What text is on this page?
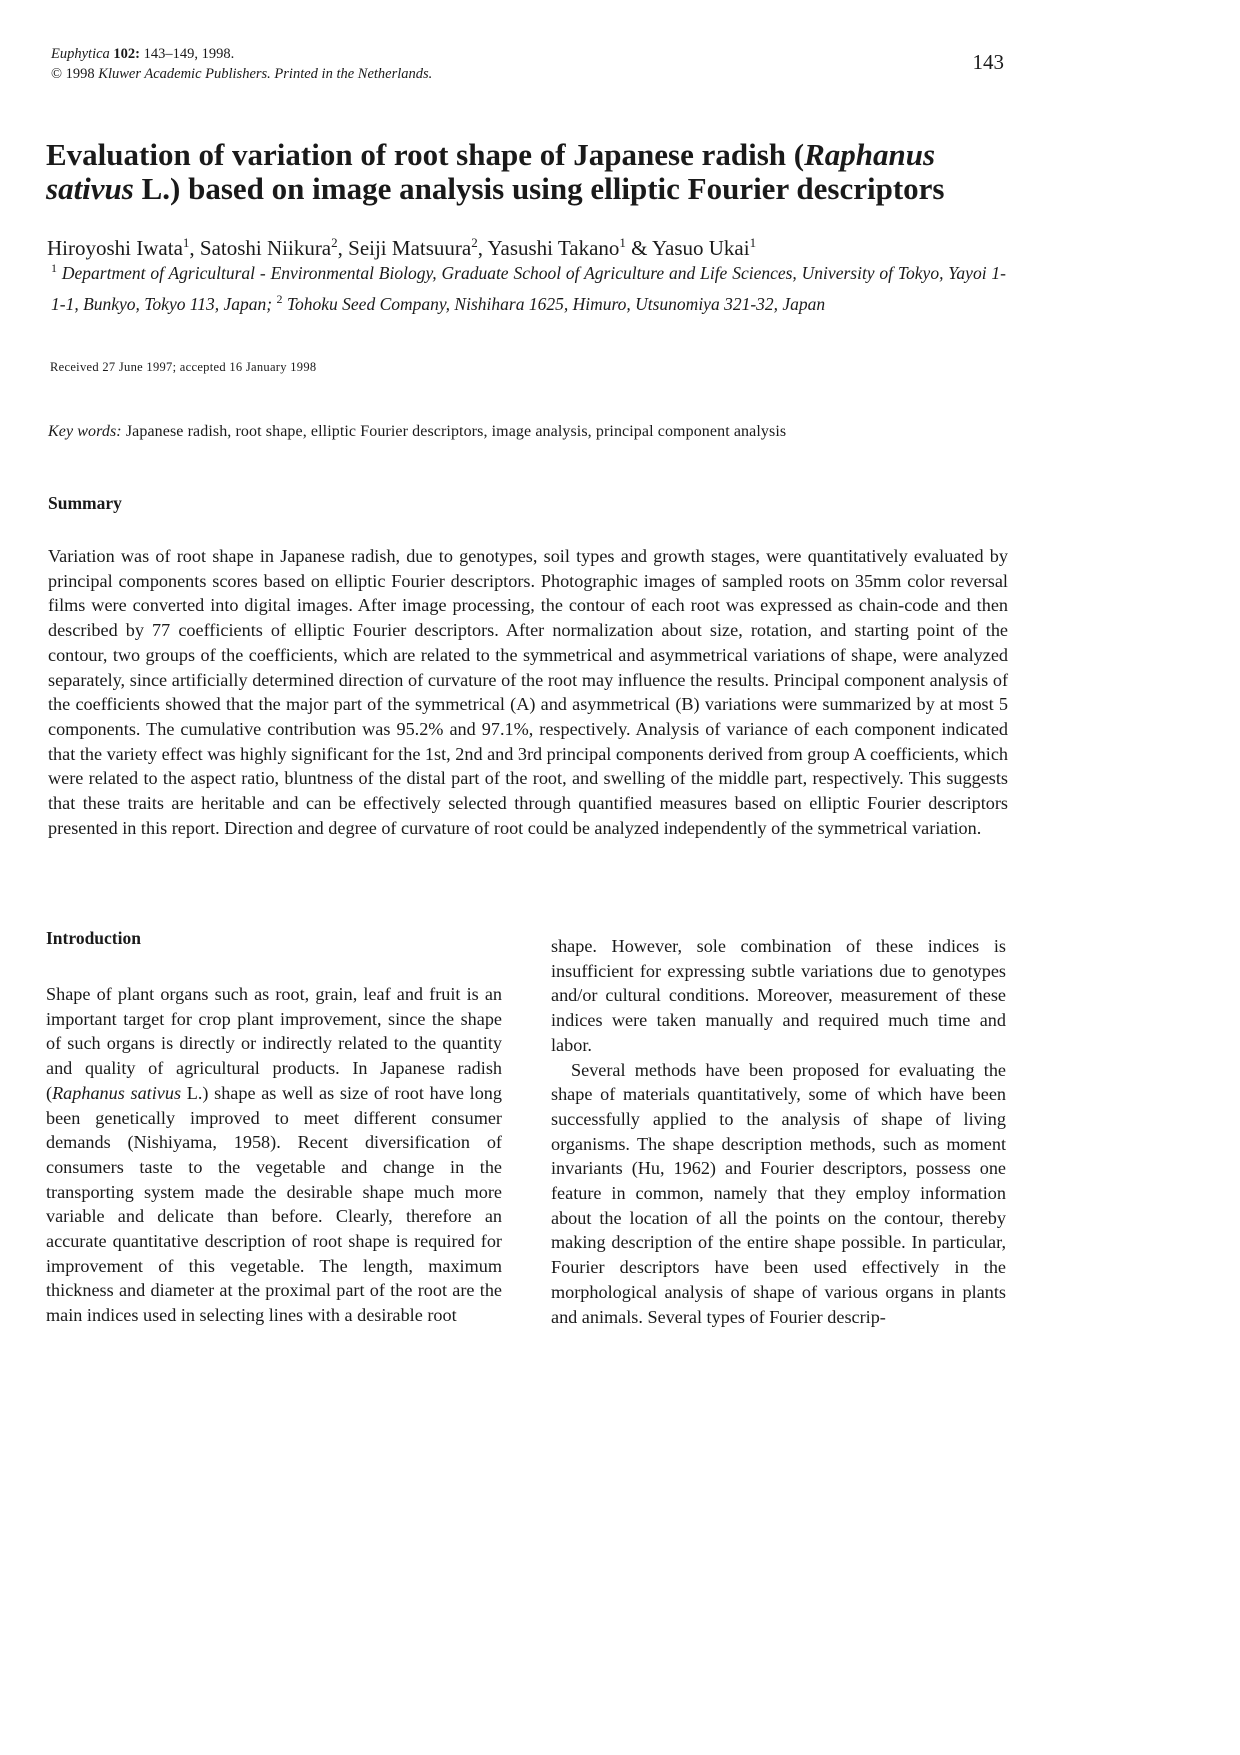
Euphytica 102: 143–149, 1998.
© 1998 Kluwer Academic Publishers. Printed in the Netherlands.	143
Evaluation of variation of root shape of Japanese radish (Raphanus sativus L.) based on image analysis using elliptic Fourier descriptors
Hiroyoshi Iwata$^1$, Satoshi Niikura$^2$, Seiji Matsuura$^2$, Yasushi Takano$^1$ & Yasuo Ukai$^1$
$^1$ Department of Agricultural - Environmental Biology, Graduate School of Agriculture and Life Sciences, University of Tokyo, Yayoi 1-1-1, Bunkyo, Tokyo 113, Japan; $^2$ Tohoku Seed Company, Nishihara 1625, Himuro, Utsunomiya 321-32, Japan
Received 27 June 1997; accepted 16 January 1998
Key words: Japanese radish, root shape, elliptic Fourier descriptors, image analysis, principal component analysis
Summary

Variation was of root shape in Japanese radish, due to genotypes, soil types and growth stages, were quantitatively evaluated by principal components scores based on elliptic Fourier descriptors. Photographic images of sampled roots on 35mm color reversal films were converted into digital images. After image processing, the contour of each root was expressed as chain-code and then described by 77 coefficients of elliptic Fourier descriptors. After normalization about size, rotation, and starting point of the contour, two groups of the coefficients, which are related to the symmetrical and asymmetrical variations of shape, were analyzed separately, since artificially determined direction of curvature of the root may influence the results. Principal component analysis of the coefficients showed that the major part of the symmetrical (A) and asymmetrical (B) variations were summarized by at most 5 components. The cumulative contribution was 95.2% and 97.1%, respectively. Analysis of variance of each component indicated that the variety effect was highly significant for the 1st, 2nd and 3rd principal components derived from group A coefficients, which were related to the aspect ratio, bluntness of the distal part of the root, and swelling of the middle part, respectively. This suggests that these traits are heritable and can be effectively selected through quantified measures based on elliptic Fourier descriptors presented in this report. Direction and degree of curvature of root could be analyzed independently of the symmetrical variation.

Introduction

Shape of plant organs such as root, grain, leaf and fruit is an important target for crop plant improvement, since the shape of such organs is directly or indirectly related to the quantity and quality of agricultural products. In Japanese radish (Raphanus sativus L.) shape as well as size of root have long been genetically improved to meet different consumer demands (Nishiyama, 1958). Recent diversification of consumers taste to the vegetable and change in the transporting system made the desirable shape much more variable and delicate than before. Clearly, therefore an accurate quantitative description of root shape is required for improvement of this vegetable. The length, maximum thickness and diameter at the proximal part of the root are the main indices used in selecting lines with a desirable root

shape. However, sole combination of these indices is insufficient for expressing subtle variations due to genotypes and/or cultural conditions. Moreover, measurement of these indices were taken manually and required much time and labor.

Several methods have been proposed for evaluating the shape of materials quantitatively, some of which have been successfully applied to the analysis of shape of living organisms. The shape description methods, such as moment invariants (Hu, 1962) and Fourier descriptors, possess one feature in common, namely that they employ information about the location of all the points on the contour, thereby making description of the entire shape possible. In particular, Fourier descriptors have been used effectively in the morphological analysis of shape of various organs in plants and animals. Several types of Fourier descrip-
